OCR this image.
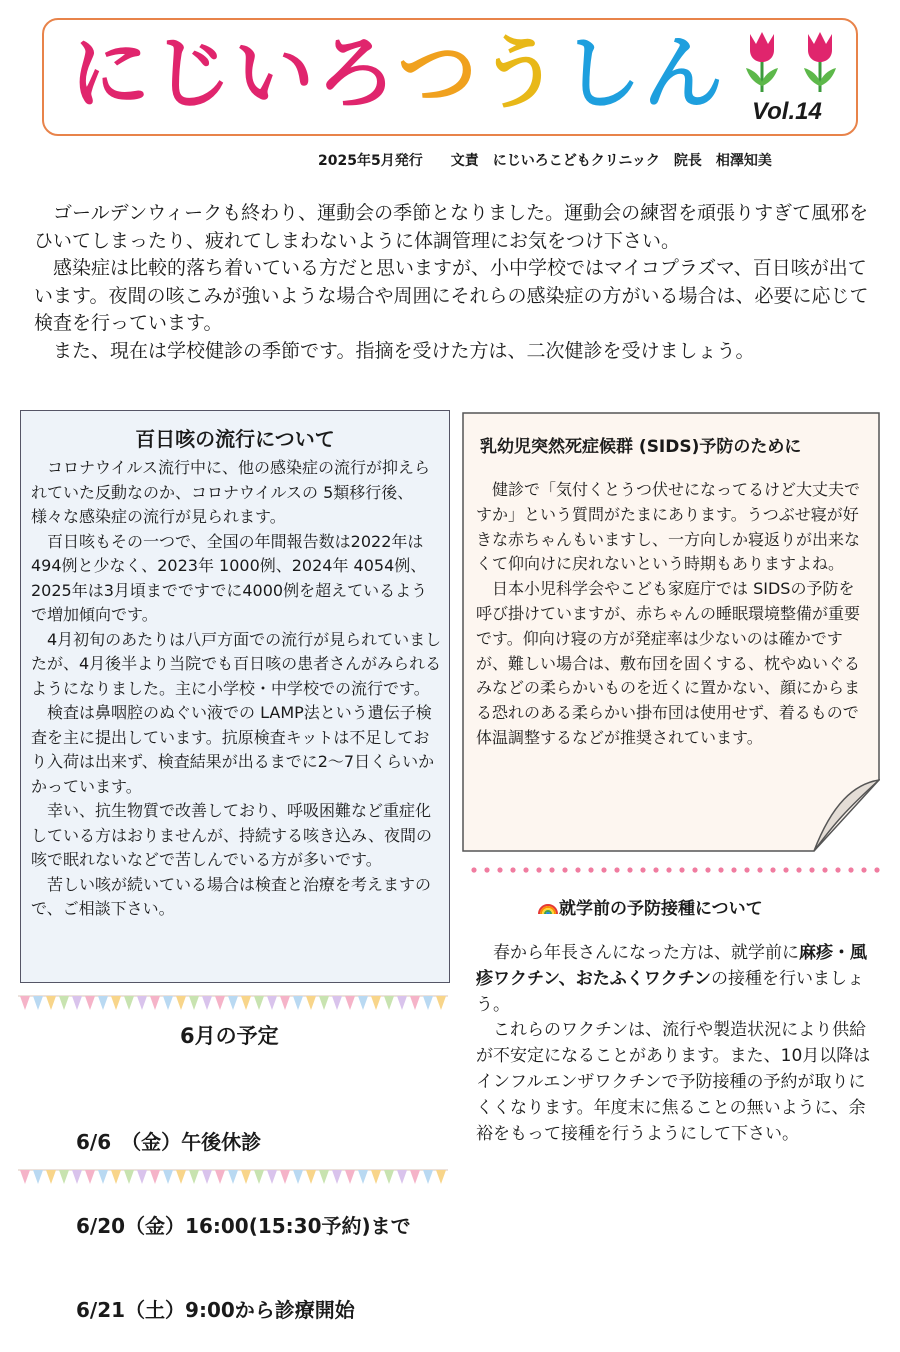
にじいろつうしん Vol.14
2025年5月発行　　文責　にじいろこどもクリニック　院長　相澤知美

ゴールデンウィークも終わり、運動会の季節となりました。運動会の練習を頑張りすぎて風邪をひいてしまったり、疲れてしまわないように体調管理にお気をつけ下さい。

感染症は比較的落ち着いている方だと思いますが、小中学校ではマイコプラズマ、百日咳が出ています。夜間の咳こみが強いような場合や周囲にそれらの感染症の方がいる場合は、必要に応じて検査を行っています。

また、現在は学校健診の季節です。指摘を受けた方は、二次健診を受けましょう。

百日咳の流行について

コロナウイルス流行中に、他の感染症の流行が抑えられていた反動なのか、コロナウイルスの 5類移行後、様々な感染症の流行が見られます。

百日咳もその一つで、全国の年間報告数は2022年は494例と少なく、2023年 1000例、2024年 4054例、2025年は3月頃までですでに4000例を超えているようで増加傾向です。

4月初旬のあたりは八戸方面での流行が見られていましたが、4月後半より当院でも百日咳の患者さんがみられるようになりました。主に小学校・中学校での流行です。

検査は鼻咽腔のぬぐい液での LAMP法という遺伝子検査を主に提出しています。抗原検査キットは不足しており入荷は出来ず、検査結果が出るまでに2〜7日くらいかかっています。

幸い、抗生物質で改善しており、呼吸困難など重症化している方はおりませんが、持続する咳き込み、夜間の咳で眠れないなどで苦しんでいる方が多いです。

苦しい咳が続いている場合は検査と治療を考えますので、ご相談下さい。

乳幼児突然死症候群 (SIDS)予防のために

健診で「気付くとうつ伏せになってるけど大丈夫ですか」という質問がたまにあります。うつぶせ寝が好きな赤ちゃんもいますし、一方向しか寝返りが出来なくて仰向けに戻れないという時期もありますよね。

日本小児科学会やこども家庭庁では SIDSの予防を呼び掛けていますが、赤ちゃんの睡眠環境整備が重要です。仰向け寝の方が発症率は少ないのは確かですが、難しい場合は、敷布団を固くする、枕やぬいぐるみなどの柔らかいものを近くに置かない、顔にからまる恐れのある柔らかい掛布団は使用せず、着るもので体温調整するなどが推奨されています。

就学前の予防接種について

春から年長さんになった方は、就学前に麻疹・風疹ワクチン、おたふくワクチンの接種を行いましょう。

これらのワクチンは、流行や製造状況により供給が不安定になることがあります。また、10月以降はインフルエンザワクチンで予防接種の予約が取りにくくなります。年度末に焦ることの無いように、余裕をもって接種を行うようにして下さい。

6月の予定

6/6　（金）午後休診

6/20（金）16:00(15:30予約)まで

6/21（土）9:00から診療開始
